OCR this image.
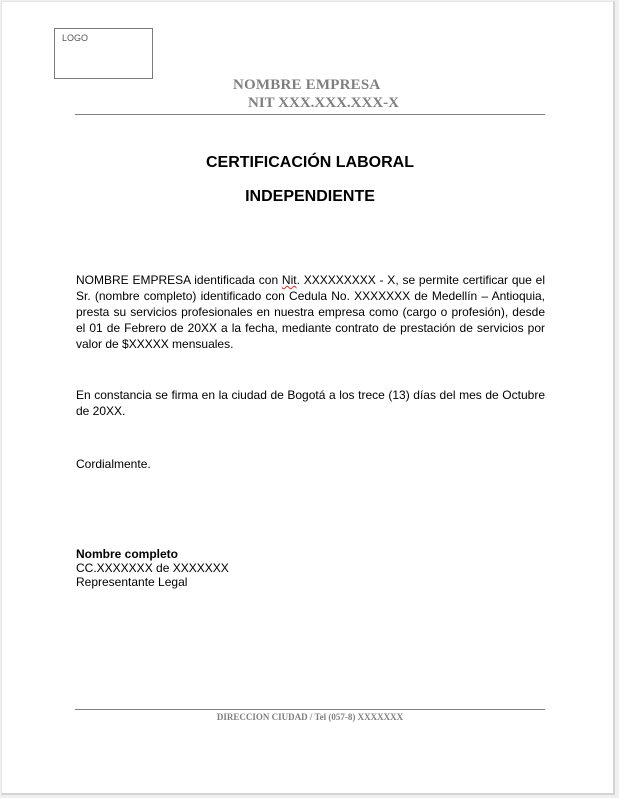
LOGO
NOMBRE EMPRESA
NIT XXX.XXX.XXX-X
CERTIFICACIÓN LABORAL
INDEPENDIENTE
NOMBRE EMPRESA identificada con Nit. XXXXXXXXX - X, se permite certificar que el Sr. (nombre completo) identificado con Cedula No. XXXXXXX de Medellín – Antioquia, presta su servicios profesionales en nuestra empresa como (cargo o profesión), desde el 01 de Febrero de 20XX a la fecha, mediante contrato de prestación de servicios por valor de $XXXXX mensuales.
En constancia se firma en la ciudad de Bogotá a los trece (13) días del mes de Octubre de 20XX.
Cordialmente.
Nombre completo
CC.XXXXXXX de XXXXXXX
Representante Legal
DIRECCION CIUDAD / Tel (057-8) XXXXXXX
